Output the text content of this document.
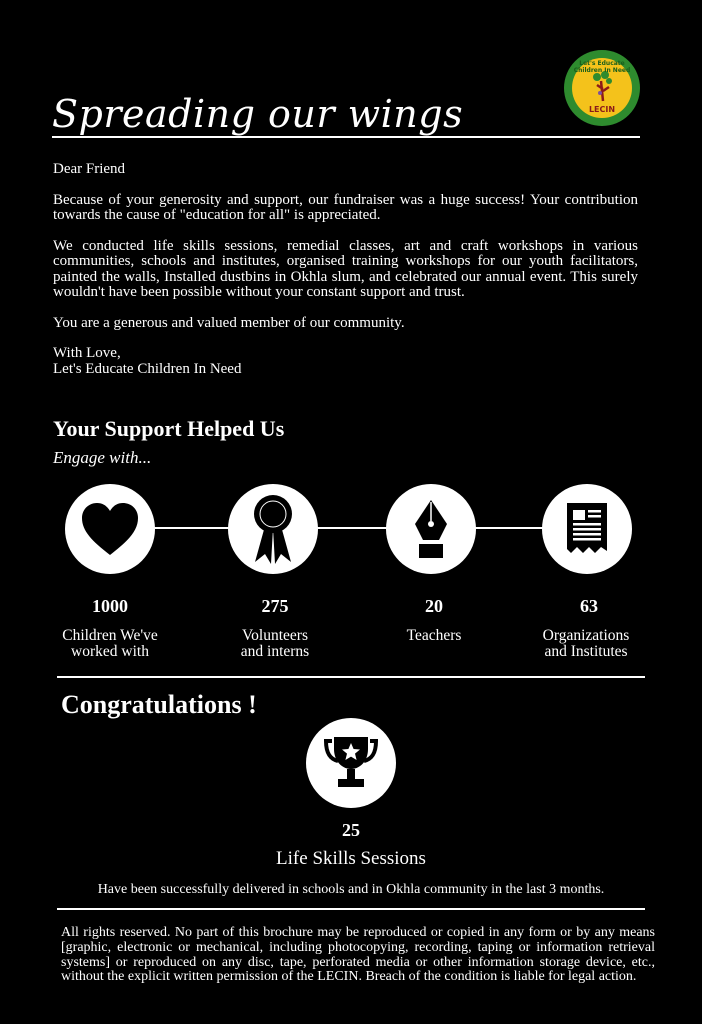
Let's Educate Children In Need
LECIN
Spreading our wings

Dear Friend

Because of your generosity and support, our fundraiser was a huge success! Your contribution towards the cause of "education for all" is appreciated.

We conducted life skills sessions, remedial classes, art and craft workshops in various communities, schools and institutes, organised training workshops for our youth facilitators, painted the walls, Installed dustbins in Okhla slum, and celebrated our annual event. This surely wouldn't have been possible without your constant support and trust.

You are a generous and valued member of our community.

With Love,

Let's Educate Children In Need

Your Support Helped Us
Engage with...
1000	275	20	63
Children We've
worked with
Volunteers
and interns
Teachers	Organizations
and Institutes
Congratulations !
25
Life Skills Sessions
Have been successfully delivered in schools and in Okhla community in the last 3 months.
All rights reserved. No part of this brochure may be reproduced or copied in any form or by any means [graphic, electronic or mechanical, including photocopying, recording, taping or information retrieval systems] or reproduced on any disc, tape, perforated media or other information storage device, etc., without the explicit written permission of the LECIN. Breach of the condition is liable for legal action.
